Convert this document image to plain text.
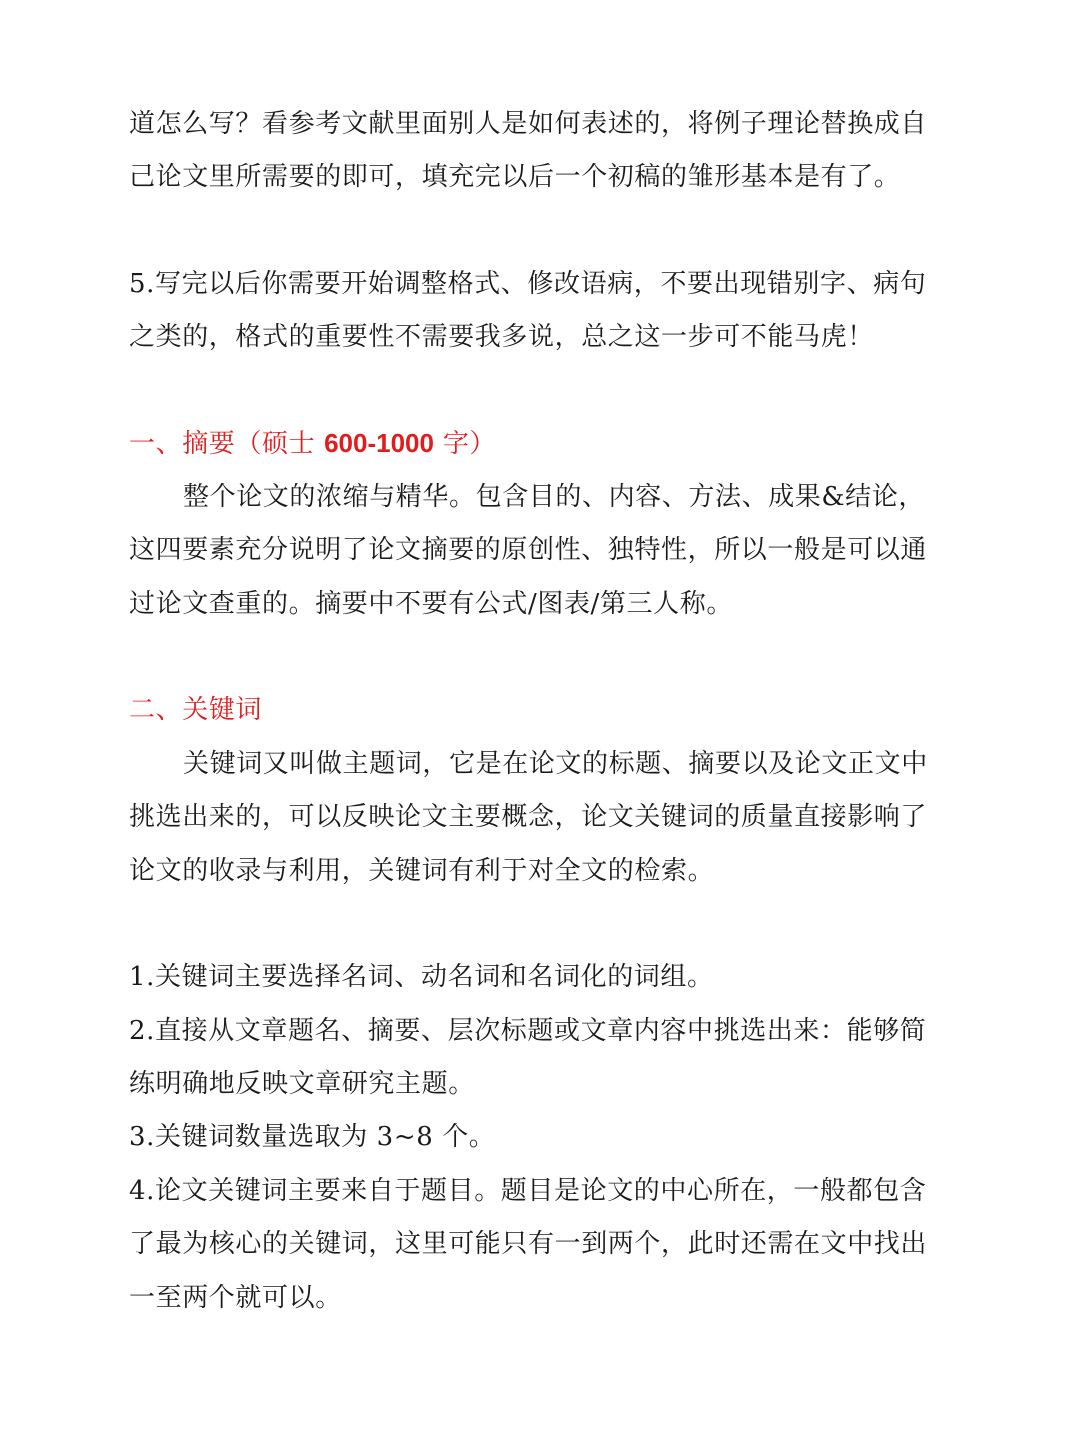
道怎么写？看参考文献里面别人是如何表述的，将例子理论替换成自
己论文里所需要的即可，填充完以后一个初稿的雏形基本是有了。
5.写完以后你需要开始调整格式、修改语病，不要出现错别字、病句
之类的，格式的重要性不需要我多说，总之这一步可不能马虎！
一、摘要（硕士 600-1000 字）
整个论文的浓缩与精华。包含目的、内容、方法、成果&结论，
这四要素充分说明了论文摘要的原创性、独特性，所以一般是可以通
过论文查重的。摘要中不要有公式/图表/第三人称。
二、关键词
关键词又叫做主题词，它是在论文的标题、摘要以及论文正文中
挑选出来的，可以反映论文主要概念，论文关键词的质量直接影响了
论文的收录与利用，关键词有利于对全文的检索。
1.关键词主要选择名词、动名词和名词化的词组。
2.直接从文章题名、摘要、层次标题或文章内容中挑选出来：能够简
练明确地反映文章研究主题。
3.关键词数量选取为 3~8 个。
4.论文关键词主要来自于题目。题目是论文的中心所在，一般都包含
了最为核心的关键词，这里可能只有一到两个，此时还需在文中找出
一至两个就可以。
